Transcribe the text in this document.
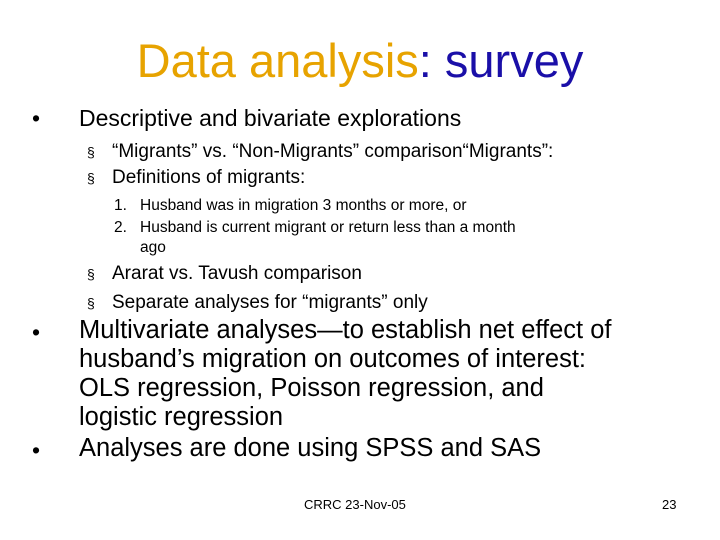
Data analysis: survey
• Descriptive and bivariate explorations
§ “Migrants” vs. “Non-Migrants” comparison“Migrants”:
§ Definitions of migrants:
1. Husband was in migration 3 months or more, or
2. Husband is current migrant or return less than a month
ago
§ Ararat vs. Tavush comparison
§ Separate analyses for “migrants” only
• Multivariate analyses—to establish net effect of
husband’s migration on outcomes of interest:
OLS regression, Poisson regression, and
logistic regression
• Analyses are done using SPSS and SAS
CRRC 23-Nov-05	23
